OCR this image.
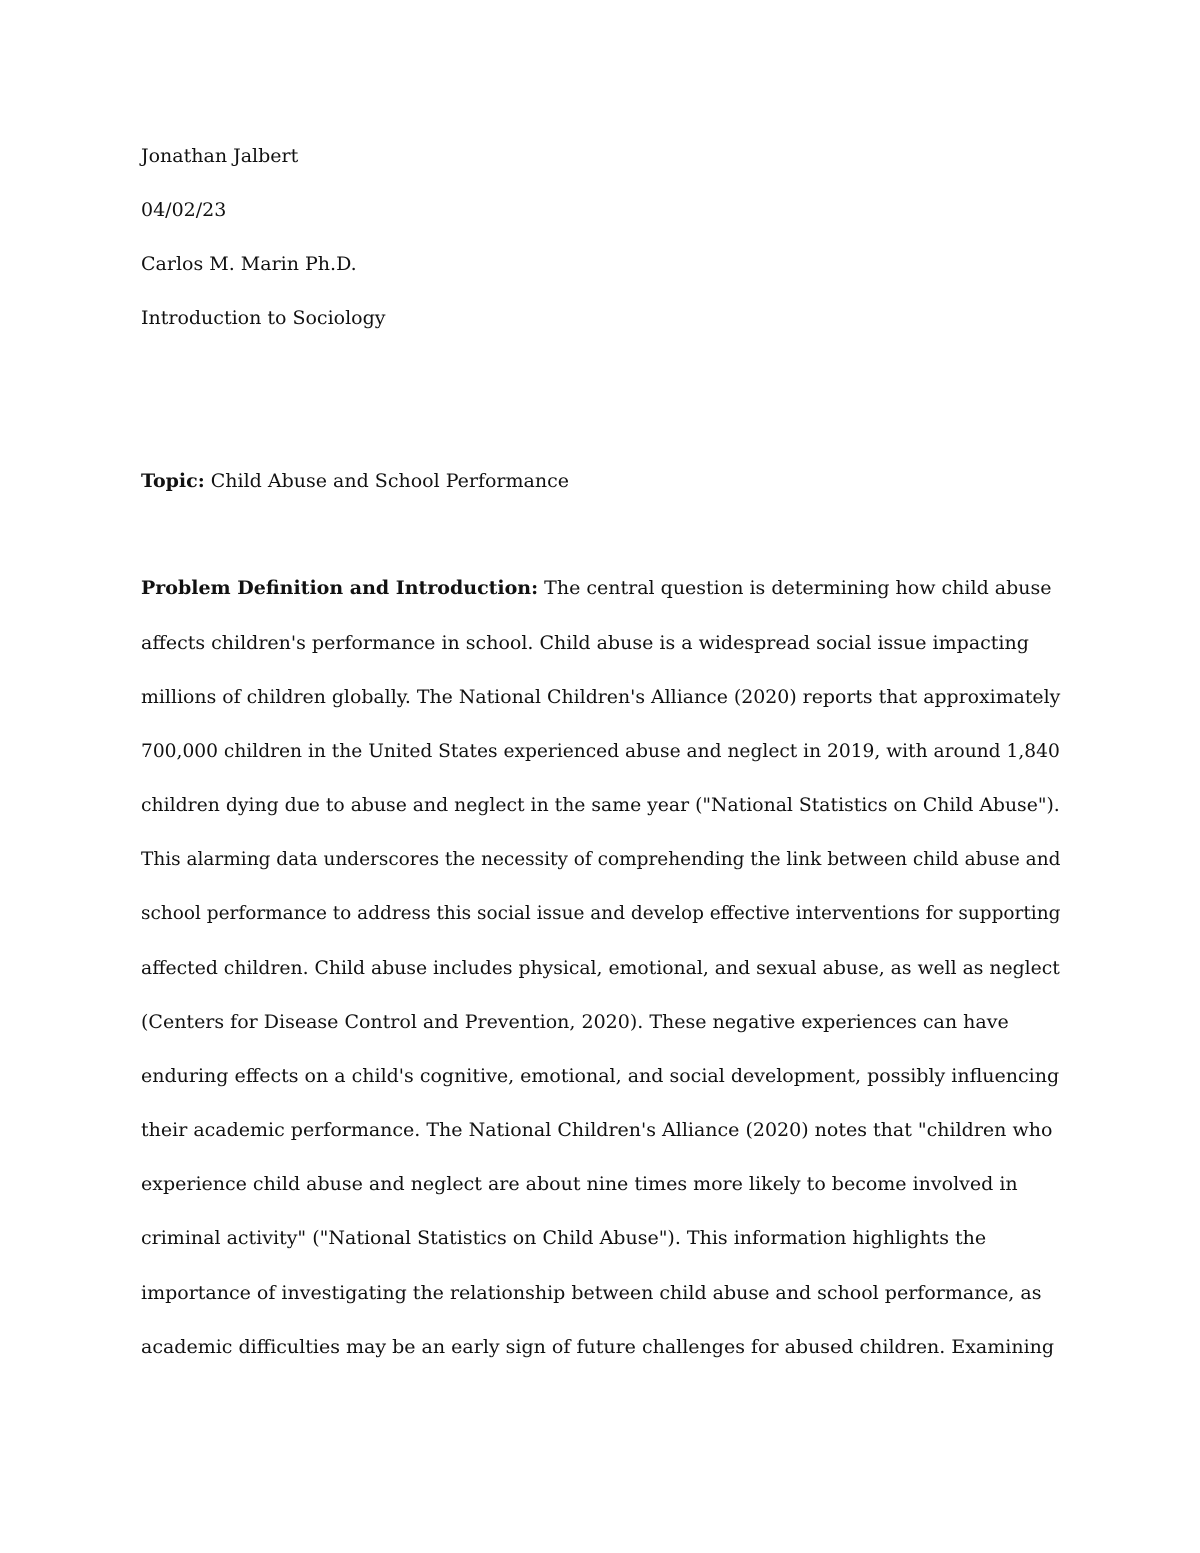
Jonathan Jalbert
04/02/23
Carlos M. Marin Ph.D.
Introduction to Sociology
Topic: Child Abuse and School Performance
Problem Definition and Introduction: The central question is determining how child abuse
affects children's performance in school. Child abuse is a widespread social issue impacting
millions of children globally. The National Children's Alliance (2020) reports that approximately
700,000 children in the United States experienced abuse and neglect in 2019, with around 1,840
children dying due to abuse and neglect in the same year ("National Statistics on Child Abuse").
This alarming data underscores the necessity of comprehending the link between child abuse and
school performance to address this social issue and develop effective interventions for supporting
affected children. Child abuse includes physical, emotional, and sexual abuse, as well as neglect
(Centers for Disease Control and Prevention, 2020). These negative experiences can have
enduring effects on a child's cognitive, emotional, and social development, possibly influencing
their academic performance. The National Children's Alliance (2020) notes that "children who
experience child abuse and neglect are about nine times more likely to become involved in
criminal activity" ("National Statistics on Child Abuse"). This information highlights the
importance of investigating the relationship between child abuse and school performance, as
academic difficulties may be an early sign of future challenges for abused children. Examining
